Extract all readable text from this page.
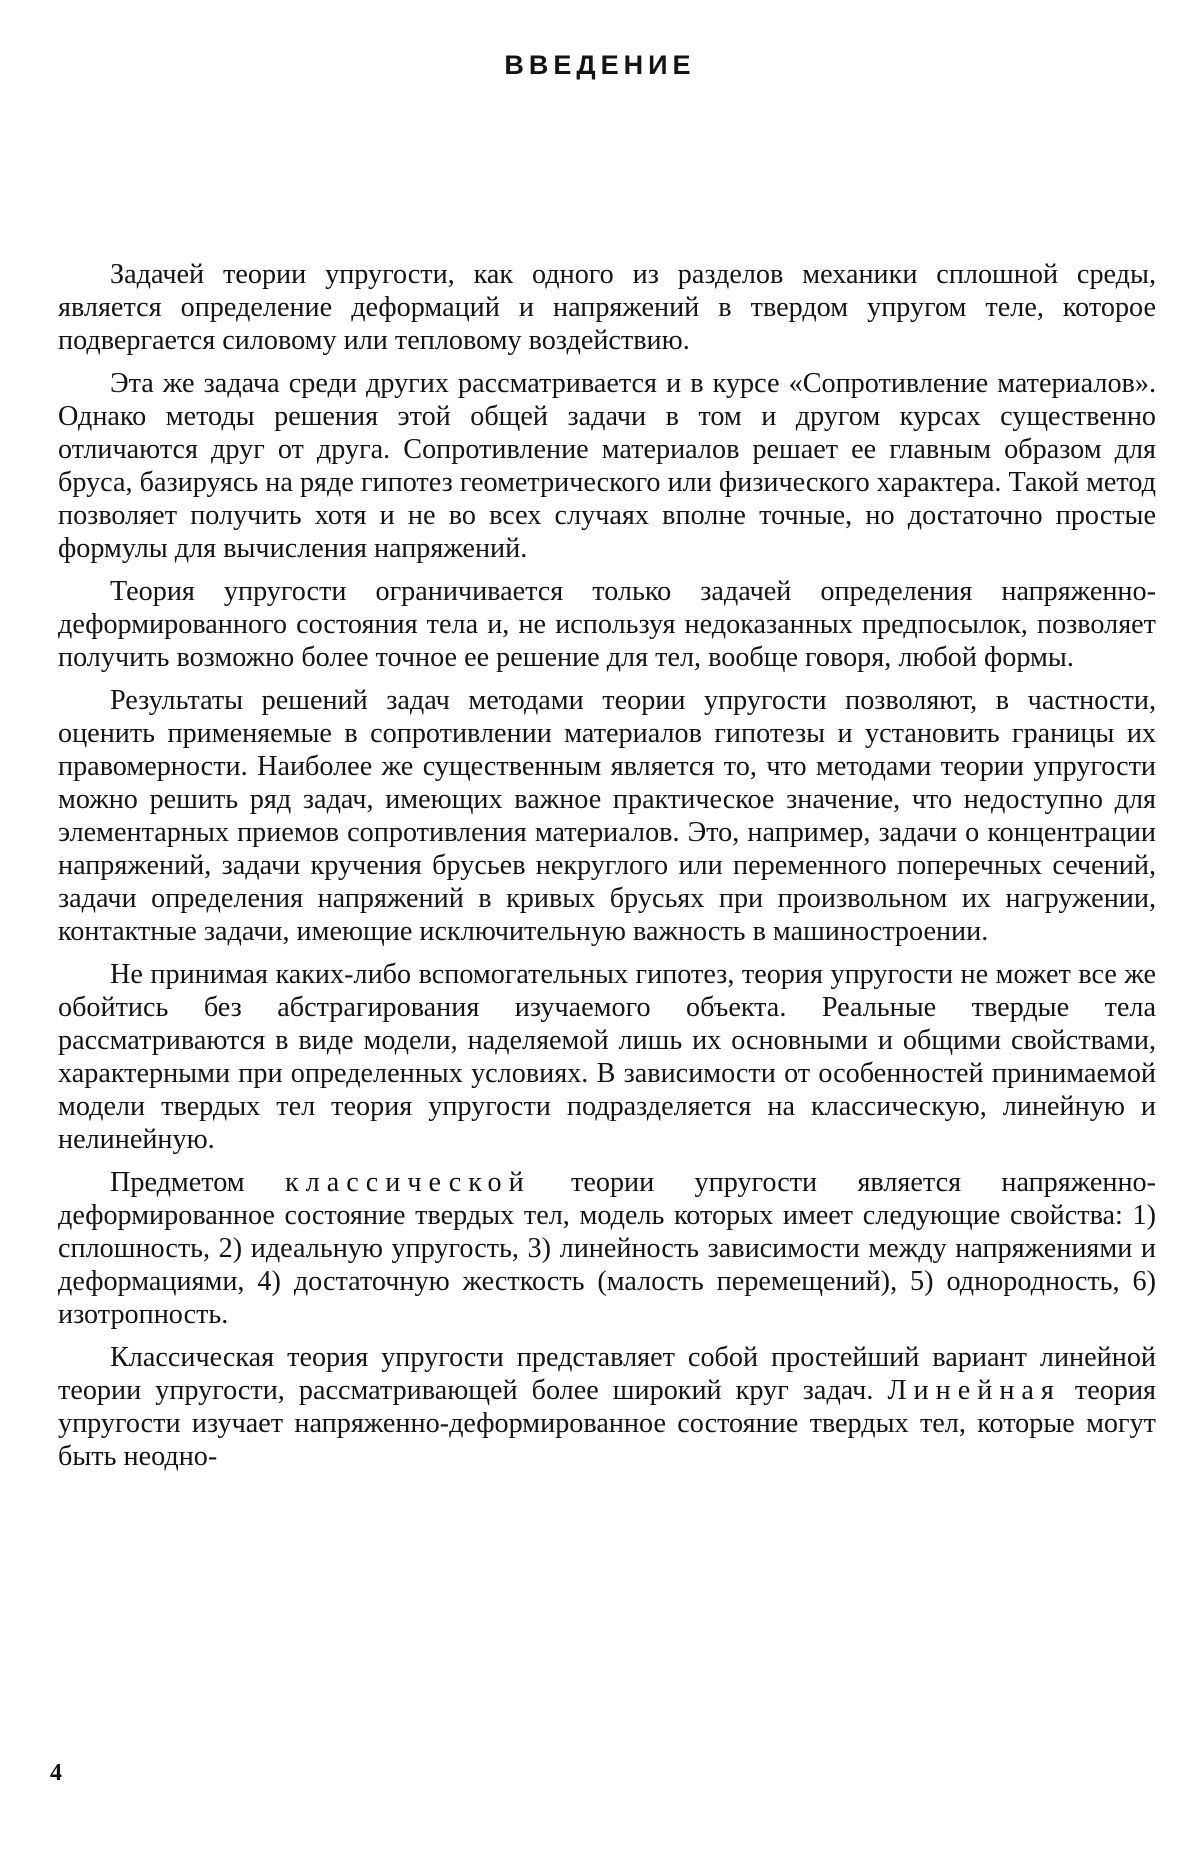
ВВЕДЕНИЕ

Задачей теории упругости, как одного из разделов механики сплошной среды, является определение деформаций и напряжений в твердом упругом теле, которое подвергается силовому или тепловому воздействию.

Эта же задача среди других рассматривается и в курсе «Сопротивление материалов». Однако методы решения этой общей задачи в том и другом курсах существенно отличаются друг от друга. Сопротивление материалов решает ее главным образом для бруса, базируясь на ряде гипотез геометрического или физического характера. Такой метод позволяет получить хотя и не во всех случаях вполне точные, но достаточно простые формулы для вычисления напряжений.

Теория упругости ограничивается только задачей определения напряженно-деформированного состояния тела и, не используя недоказанных предпосылок, позволяет получить возможно более точное ее решение для тел, вообще говоря, любой формы.

Результаты решений задач методами теории упругости позволяют, в частности, оценить применяемые в сопротивлении материалов гипотезы и установить границы их правомерности. Наиболее же существенным является то, что методами теории упругости можно решить ряд задач, имеющих важное практическое значение, что недоступно для элементарных приемов сопротивления материалов. Это, например, задачи о концентрации напряжений, задачи кручения брусьев некруглого или переменного поперечных сечений, задачи определения напряжений в кривых брусьях при произвольном их нагружении, контактные задачи, имеющие исключительную важность в машиностроении.

Не принимая каких-либо вспомогательных гипотез, теория упругости не может все же обойтись без абстрагирования изучаемого объекта. Реальные твердые тела рассматриваются в виде модели, наделяемой лишь их основными и общими свойствами, характерными при определенных условиях. В зависимости от особенностей принимаемой модели твердых тел теория упругости подразделяется на классическую, линейную и нелинейную.

Предметом классической теории упругости является напряженно-деформированное состояние твердых тел, модель которых имеет следующие свойства: 1) сплошность, 2) идеальную упругость, 3) линейность зависимости между напряжениями и деформациями, 4) достаточную жесткость (малость перемещений), 5) однородность, 6) изотропность.

Классическая теория упругости представляет собой простейший вариант линейной теории упругости, рассматривающей более широкий круг задач. Линейная теория упругости изучает напряженно-деформированное состояние твердых тел, которые могут быть неодно-

4
